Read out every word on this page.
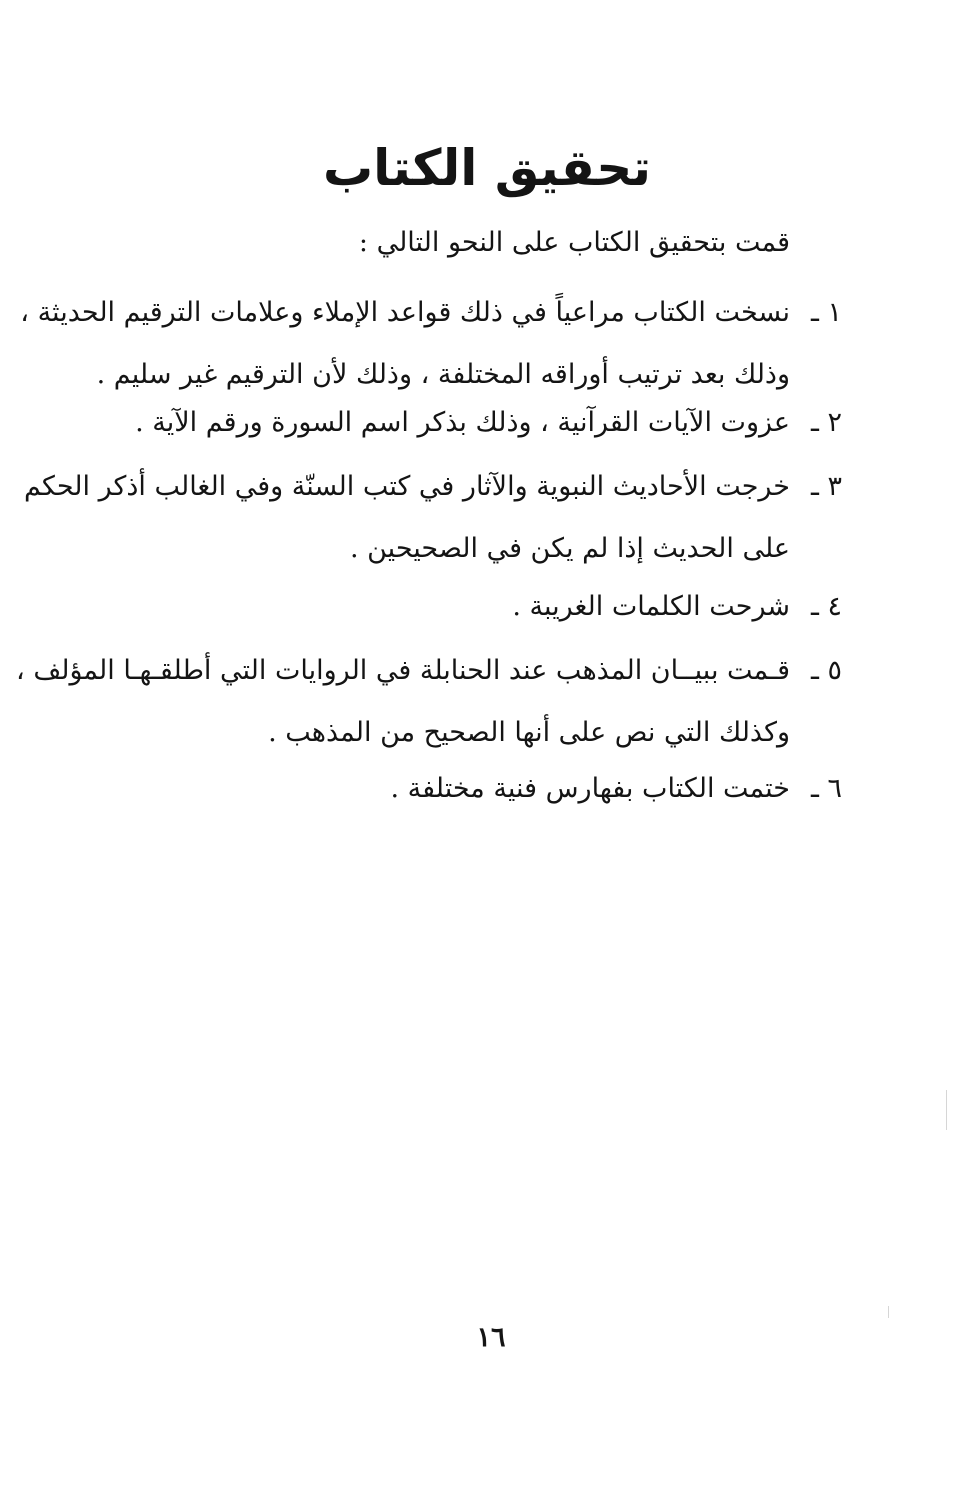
تحقيق الكتاب
قمت بتحقيق الكتاب على النحو التالي :
١ ـ
نسخت الكتاب مراعياً في ذلك قواعد الإملاء وعلامات الترقيم الحديثة ،
وذلك بعد ترتيب أوراقه المختلفة ، وذلك لأن الترقيم غير سليم .
٢ ـ
عزوت الآيات القرآنية ، وذلك بذكر اسم السورة ورقم الآية .
٣ ـ
خرجت الأحاديث النبوية والآثار في كتب السنّة وفي الغالب أذكر الحكم
على الحديث إذا لم يكن في الصحيحين .
٤ ـ
شرحت الكلمات الغريبة .
٥ ـ
قـمت ببيــان المذهب عند الحنابلة في الروايات التي أطلقـهـا المؤلف ،
وكذلك التي نص على أنها الصحيح من المذهب .
٦ ـ
ختمت الكتاب بفهارس فنية مختلفة .
١٦
